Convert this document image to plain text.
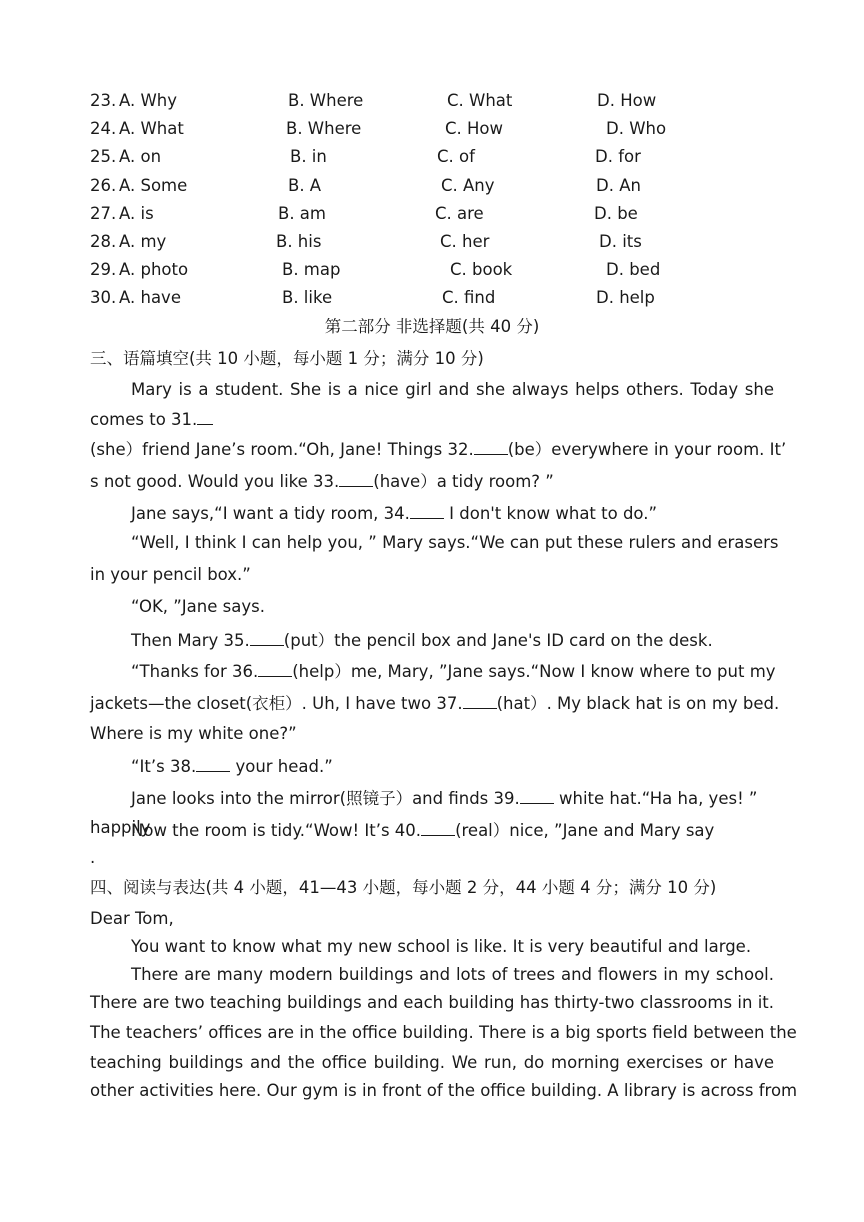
23. A. Why	B. Where	C. What	D. How
24. A. What	B. Where	C. How	D. Who
25. A. on	B. in	C. of	D. for
26. A. Some	B. A	C. Any	D. An
27. A. is	B. am	C. are	D. be
28. A. my	B. his	C. her	D. its
29. A. photo	B. map	C. book	D. bed
30. A. have	B. like	C. find	D. help
第二部分 非选择题(共 40 分)
三、语篇填空(共 10 小题，每小题 1 分；满分 10 分)
Mary is a student. She is a nice girl and she always helps others. Today she
comes to 31.
(she）friend Jane’s room.“Oh, Jane! Things 32. (be）everywhere in your room. It’
s not good. Would you like 33. (have）a tidy room? ”
Jane says,“I want a tidy room, 34. I don't know what to do.”
“Well, I think I can help you, ” Mary says.“We can put these rulers and erasers
in your pencil box.”
“OK, ”Jane says.
Then Mary 35. (put）the pencil box and Jane's ID card on the desk.
“Thanks for 36. (help）me, Mary, ”Jane says.“Now I know where to put my
jackets—the closet(衣柜）. Uh, I have two 37. (hat）. My black hat is on my bed.
Where is my white one?”
“It’s 38. your head.”
Jane looks into the mirror(照镜子）and finds 39. white hat.“Ha ha, yes! ”
happily
Now the room is tidy.“Wow! It’s 40. (real）nice, ”Jane and Mary say
.
四、阅读与表达(共 4 小题，41—43 小题，每小题 2 分，44 小题 4 分；满分 10 分)
Dear Tom,
You want to know what my new school is like. It is very beautiful and large.
There are many modern buildings and lots of trees and flowers in my school.
There are two teaching buildings and each building has thirty-two classrooms in it.
The teachers’ offices are in the office building. There is a big sports field between the
teaching buildings and the office building. We run, do morning exercises or have
other activities here. Our gym is in front of the office building. A library is across from
